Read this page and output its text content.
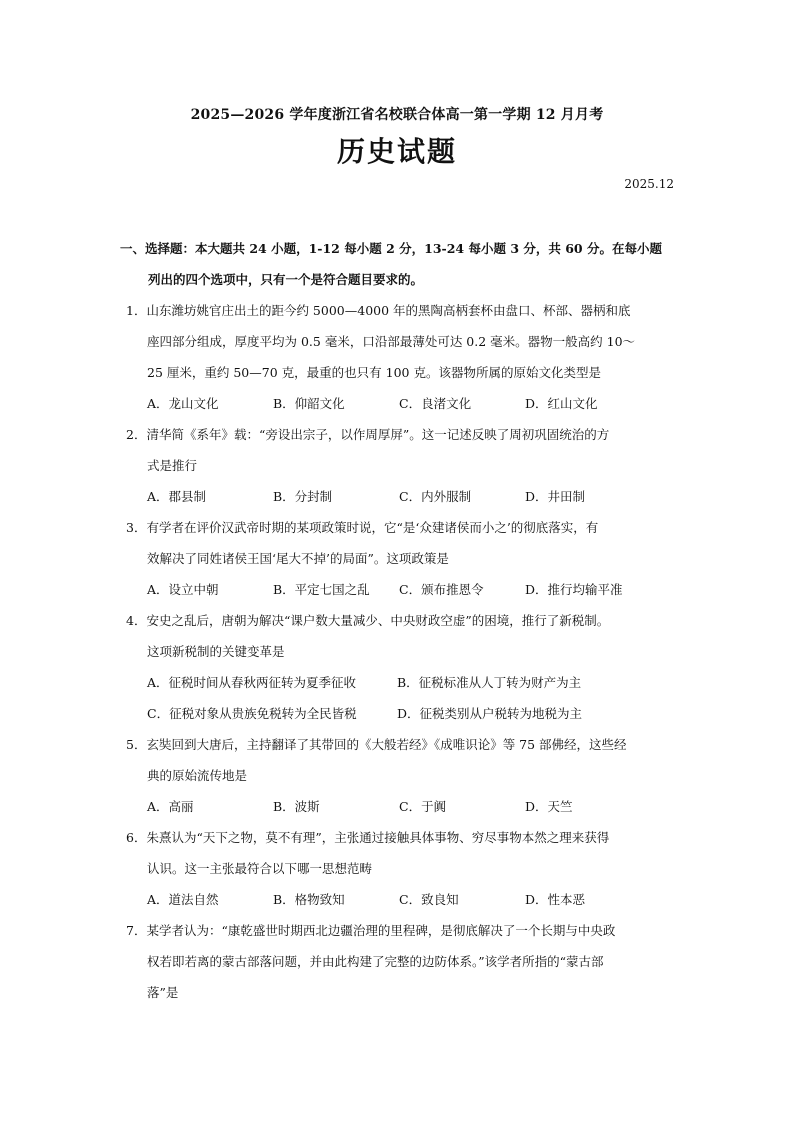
2025—2026 学年度浙江省名校联合体高一第一学期 12 月月考
历史试题
2025.12
一、选择题：本大题共 24 小题，1-12 每小题 2 分，13-24 每小题 3 分，共 60 分。在每小题
列出的四个选项中，只有一个是符合题目要求的。
1．山东潍坊姚官庄出土的距今约 5000—4000 年的黑陶高柄套杯由盘口、杯部、器柄和底
座四部分组成，厚度平均为 0.5 毫米，口沿部最薄处可达 0.2 毫米。器物一般高约 10～
25 厘米，重约 50—70 克，最重的也只有 100 克。该器物所属的原始文化类型是
A．龙山文化	B．仰韶文化	C．良渚文化	D．红山文化
2．清华简《系年》载：“旁设出宗子，以作周厚屏”。这一记述反映了周初巩固统治的方
式是推行
A．郡县制	B．分封制	C．内外服制	D．井田制
3．有学者在评价汉武帝时期的某项政策时说，它“是‘众建诸侯而小之’的彻底落实，有
效解决了同姓诸侯王国‘尾大不掉’的局面”。这项政策是
A．设立中朝	B．平定七国之乱 C．颁布推恩令	D．推行均输平准
4．安史之乱后，唐朝为解决“课户数大量减少、中央财政空虚”的困境，推行了新税制。
这项新税制的关键变革是
A．征税时间从春秋两征转为夏季征收	B．征税标准从人丁转为财产为主
C．征税对象从贵族免税转为全民皆税	D．征税类别从户税转为地税为主
5．玄奘回到大唐后，主持翻译了其带回的《大般若经》《成唯识论》等 75 部佛经，这些经
典的原始流传地是
A．高丽	B．波斯	C．于阗	D．天竺
6．朱熹认为“天下之物，莫不有理”，主张通过接触具体事物、穷尽事物本然之理来获得
认识。这一主张最符合以下哪一思想范畴
A．道法自然	B．格物致知	C．致良知	D．性本恶
7．某学者认为：“康乾盛世时期西北边疆治理的里程碑，是彻底解决了一个长期与中央政
权若即若离的蒙古部落问题，并由此构建了完整的边防体系。”该学者所指的“蒙古部
落”是
